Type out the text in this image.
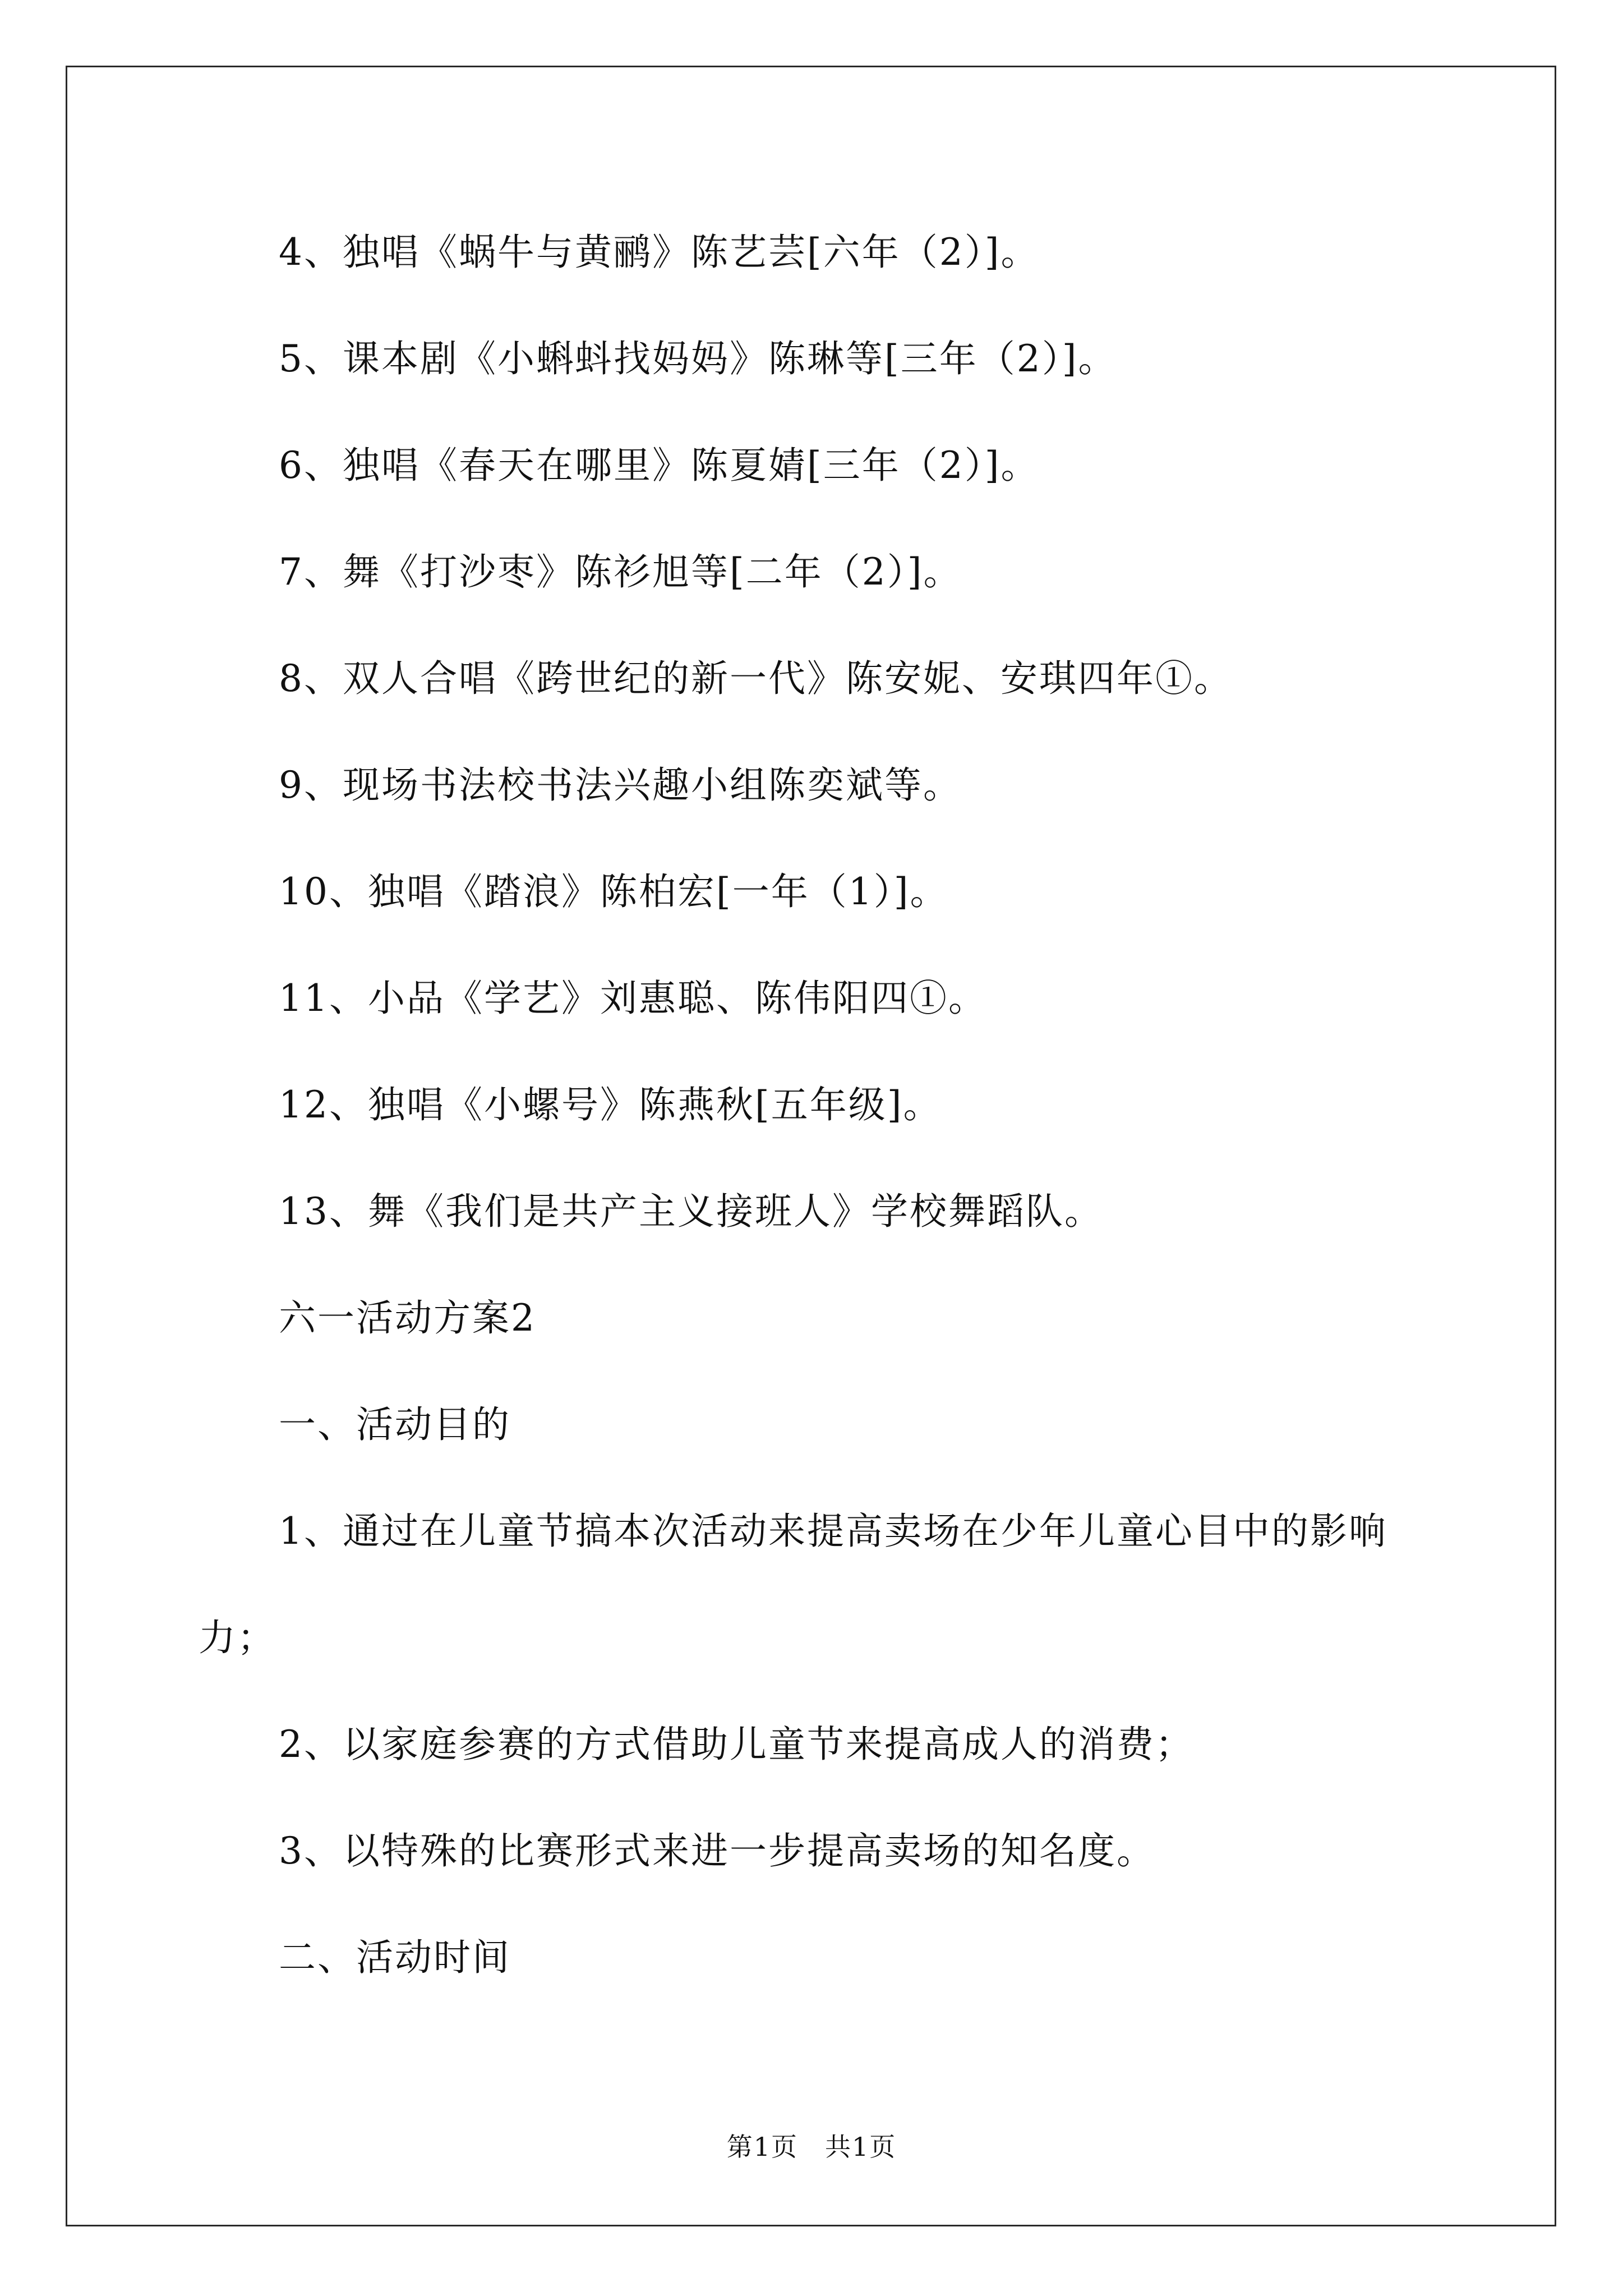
4、独唱《蜗牛与黄鹂》陈艺芸[六年（2）]。
5、课本剧《小蝌蚪找妈妈》陈琳等[三年（2）]。
6、独唱《春天在哪里》陈夏婧[三年（2）]。
7、舞《打沙枣》陈衫旭等[二年（2）]。
8、双人合唱《跨世纪的新一代》陈安妮、安琪四年①。
9、现场书法校书法兴趣小组陈奕斌等。
10、独唱《踏浪》陈柏宏[一年（1）]。
11、小品《学艺》刘惠聪、陈伟阳四①。
12、独唱《小螺号》陈燕秋[五年级]。
13、舞《我们是共产主义接班人》学校舞蹈队。
六一活动方案2
一、活动目的
1、通过在儿童节搞本次活动来提高卖场在少年儿童心目中的影响
力；
2、以家庭参赛的方式借助儿童节来提高成人的消费；
3、以特殊的比赛形式来进一步提高卖场的知名度。
二、活动时间
第1页　共1页
